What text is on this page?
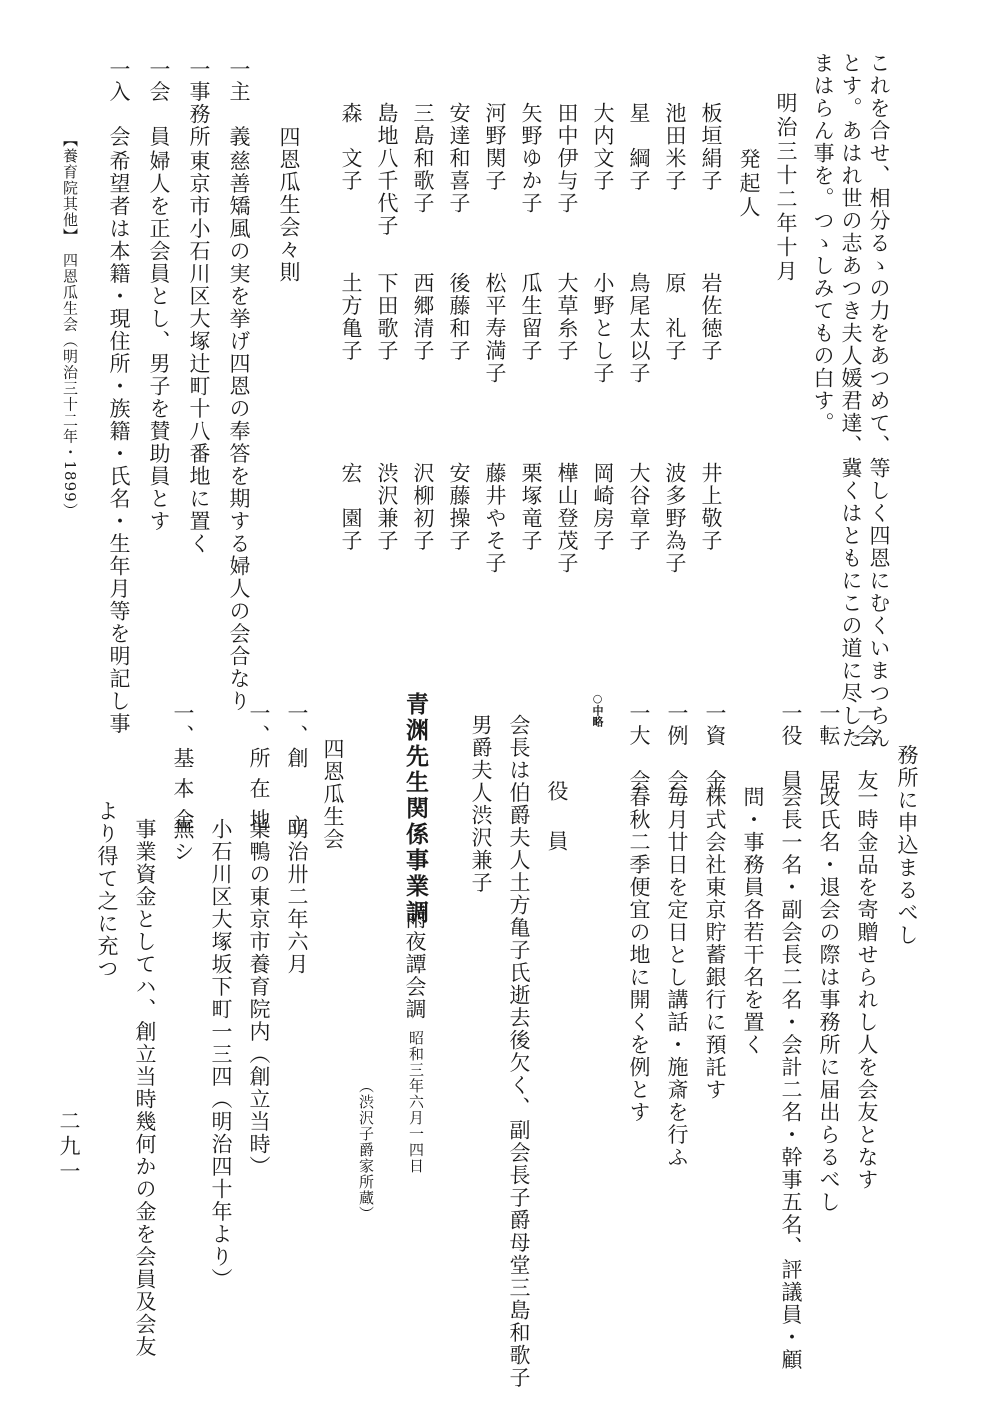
これを合せ、相分るゝの力をあつめて、等しく四恩にむくいまつらん
とす。あはれ世の志あつき夫人媛君達、冀くはともにこの道に尽した
まはらん事を。つゝしみてもの白す。
明治三十二年十月
発起人
板垣絹子
岩佐徳子
井上敬子
池田米子
原　礼子
波多野為子
星　綱子
鳥尾太以子
大谷章子
大内文子
小野とし子
岡崎房子
田中伊与子
大草糸子
樺山登茂子
矢野ゆか子
瓜生留子
栗塚竜子
河野関子
松平寿満子
藤井やそ子
安達和喜子
後藤和子
安藤操子
三島和歌子
西郷清子
沢柳初子
島地八千代子
下田歌子
渋沢兼子
森　文子
土方亀子
宏　園子
四恩瓜生会々則
一主　義
慈善矯風の実を挙げ四恩の奉答を期する婦人の会合なり
一事務所
東京市小石川区大塚辻町十八番地に置く
一会　員
婦人を正会員とし、男子を賛助員とす
一入　会
希望者は本籍・現住所・族籍・氏名・生年月等を明記し事
【養育院其他】　四恩瓜生会（明治三十二年・1899）
務所に申込まるべし
一会　友
一時金品を寄贈せられし人を会友となす
一転　居
改氏名・退会の際は事務所に届出らるべし
一役　員
会長一名・副会長二名・会計二名・幹事五名、評議員・顧
問・事務員各若干名を置く
一資　金
株式会社東京貯蓄銀行に預託す
一例　会
毎月廿日を定日とし講話・施斎を行ふ
一大　会
春秋二季便宜の地に開くを例とす
○中略
役　員
会長は伯爵夫人土方亀子氏逝去後欠く、副会長子爵母堂三島和歌子
男爵夫人渋沢兼子
青渊先生関係事業調
雨夜譚会調　
昭和三年六月一四日
（渋沢子爵家所蔵）
四恩瓜生会
一、創　　立
明治卅二年六月
一、所 在 地
巣鴨の東京市養育院内（創立当時）
小石川区大塚坂下町一三四（明治四十年より）
一、基 本 金
無シ
事業資金としてハ、創立当時幾何かの金を会員及会友
より得て之に充つ
二九一
